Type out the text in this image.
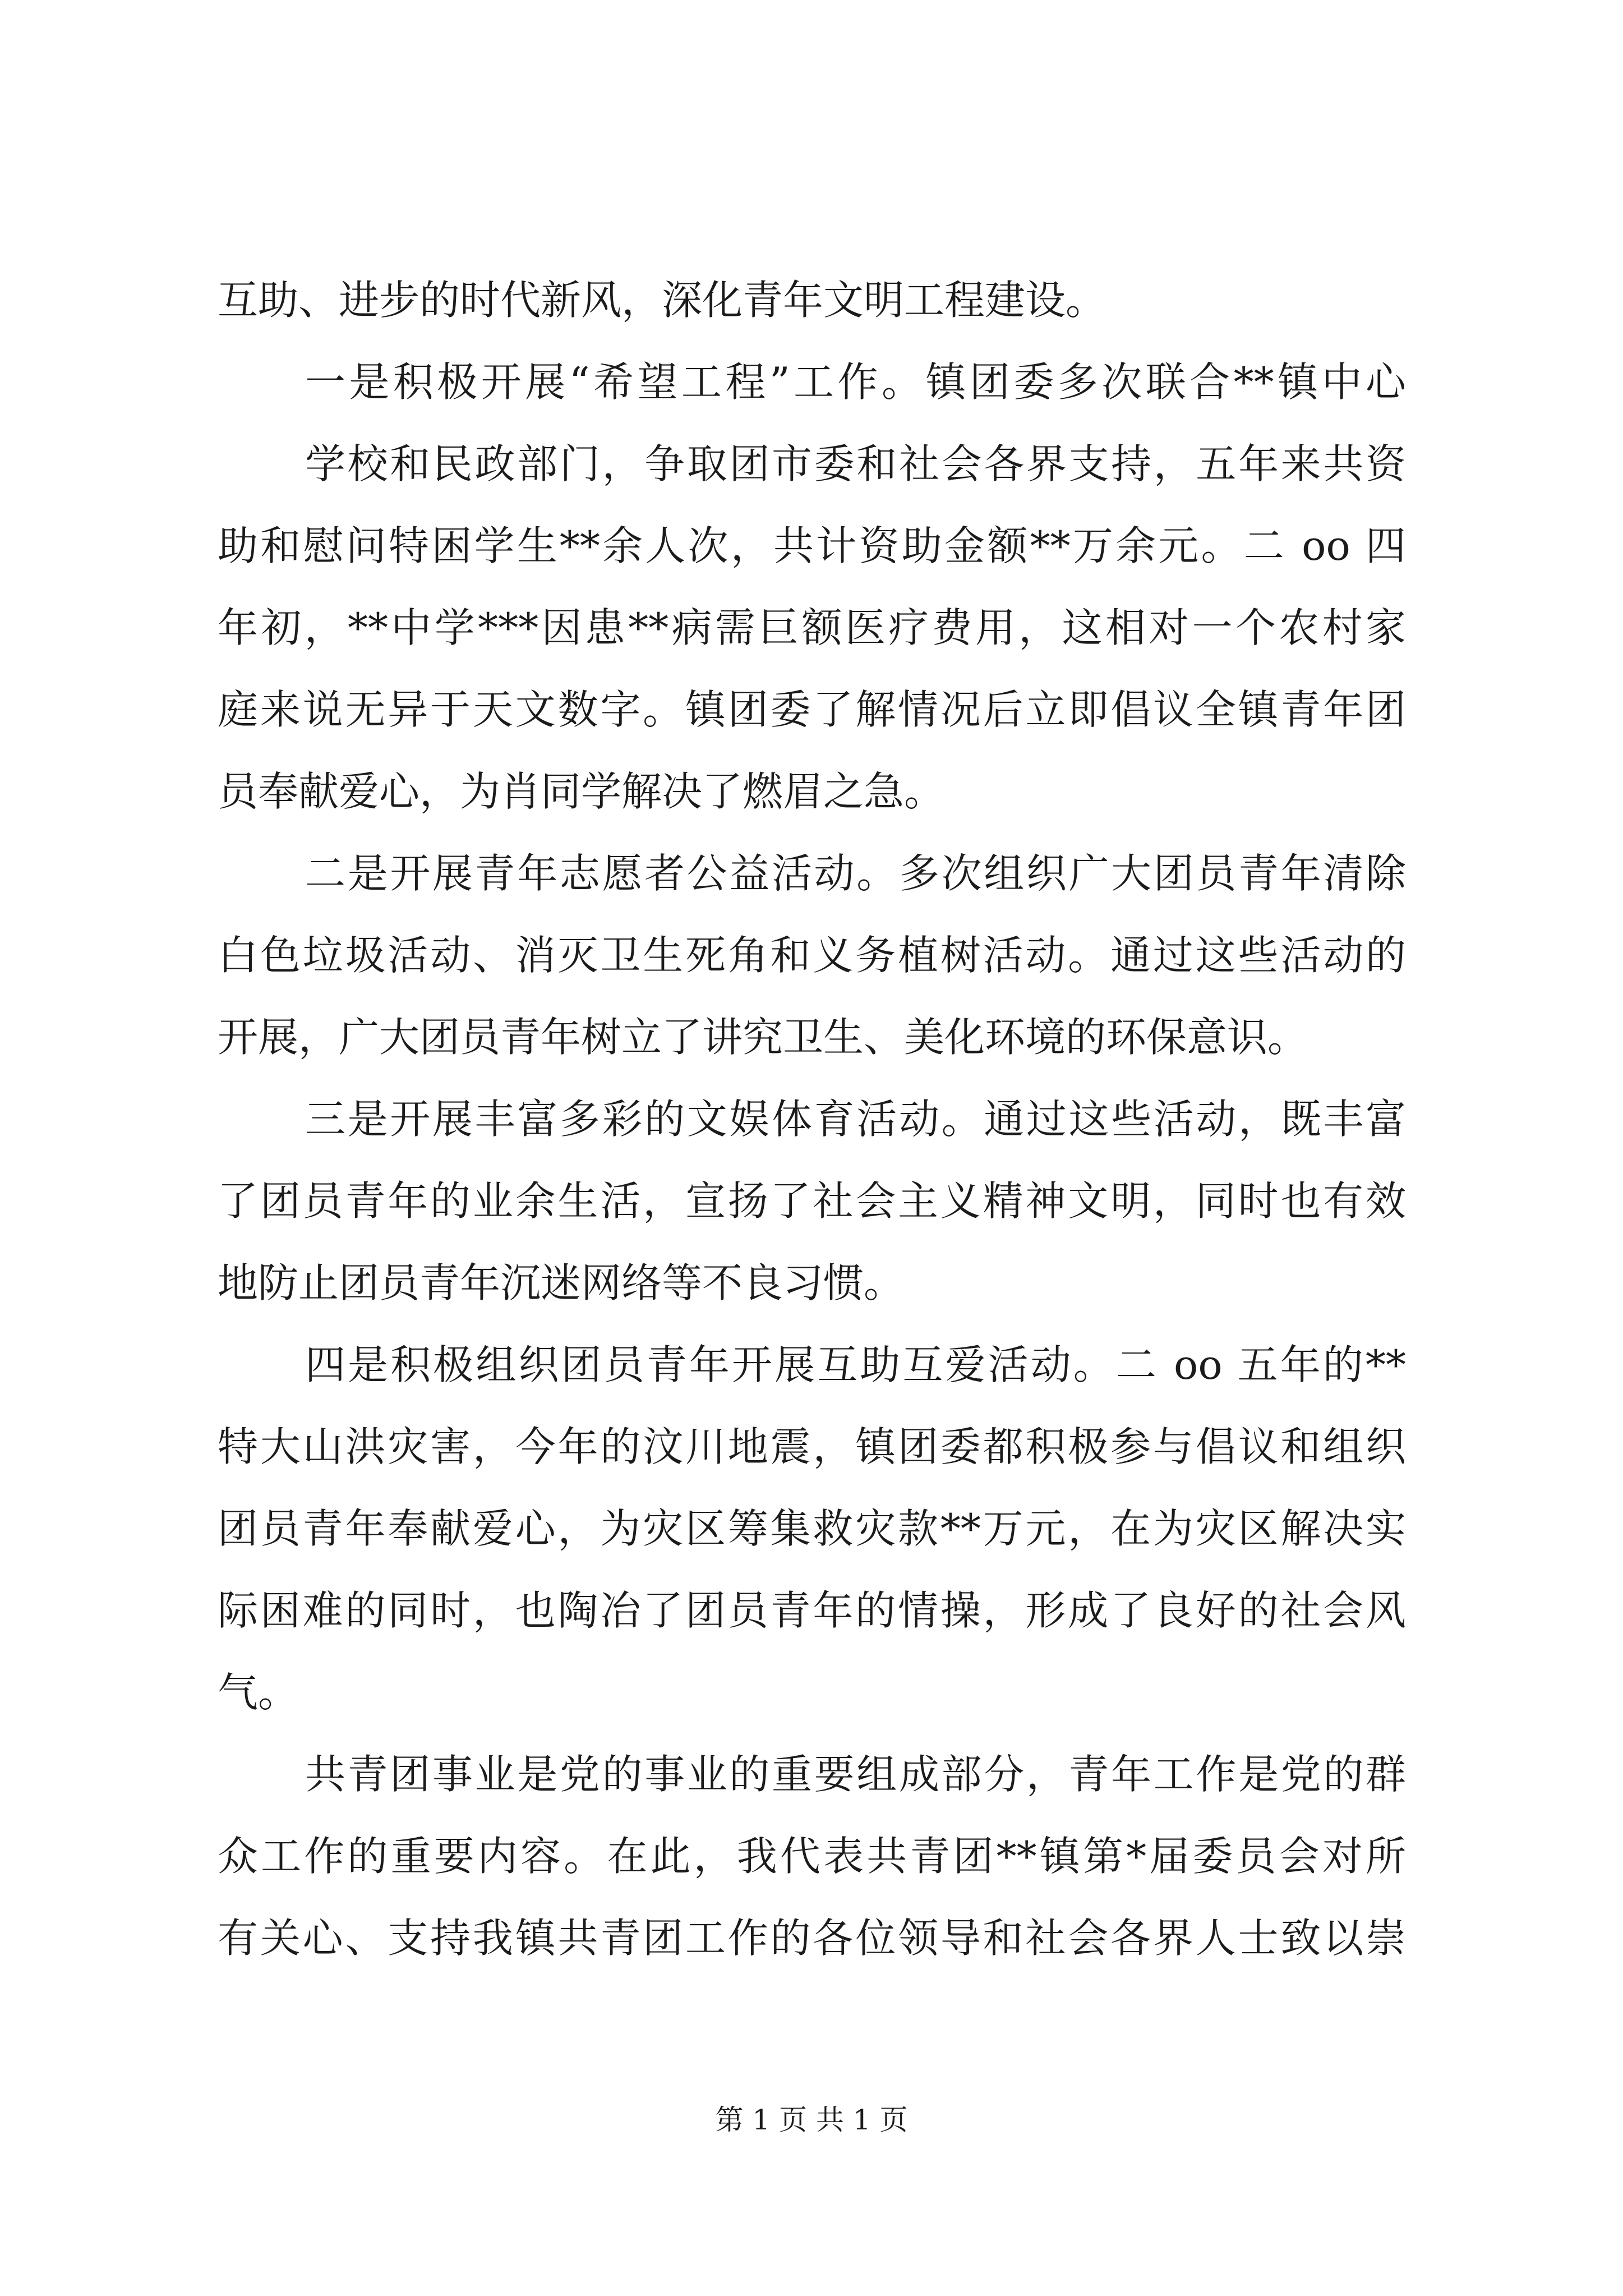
互助、进步的时代新风，深化青年文明工程建设。
一是积极开展“希望工程”工作。镇团委多次联合**镇中心
学校和民政部门，争取团市委和社会各界支持，五年来共资
助和慰问特困学生**余人次，共计资助金额**万余元。二 oo 四
年初，**中学***因患**病需巨额医疗费用，这相对一个农村家
庭来说无异于天文数字。镇团委了解情况后立即倡议全镇青年团
员奉献爱心，为肖同学解决了燃眉之急。
二是开展青年志愿者公益活动。多次组织广大团员青年清除
白色垃圾活动、消灭卫生死角和义务植树活动。通过这些活动的
开展，广大团员青年树立了讲究卫生、美化环境的环保意识。
三是开展丰富多彩的文娱体育活动。通过这些活动，既丰富
了团员青年的业余生活，宣扬了社会主义精神文明，同时也有效
地防止团员青年沉迷网络等不良习惯。
四是积极组织团员青年开展互助互爱活动。二 oo 五年的**
特大山洪灾害，今年的汶川地震，镇团委都积极参与倡议和组织
团员青年奉献爱心，为灾区筹集救灾款**万元，在为灾区解决实
际困难的同时，也陶冶了团员青年的情操，形成了良好的社会风
气。
共青团事业是党的事业的重要组成部分，青年工作是党的群
众工作的重要内容。在此，我代表共青团**镇第*届委员会对所
有关心、支持我镇共青团工作的各位领导和社会各界人士致以崇
第 1 页 共 1 页
